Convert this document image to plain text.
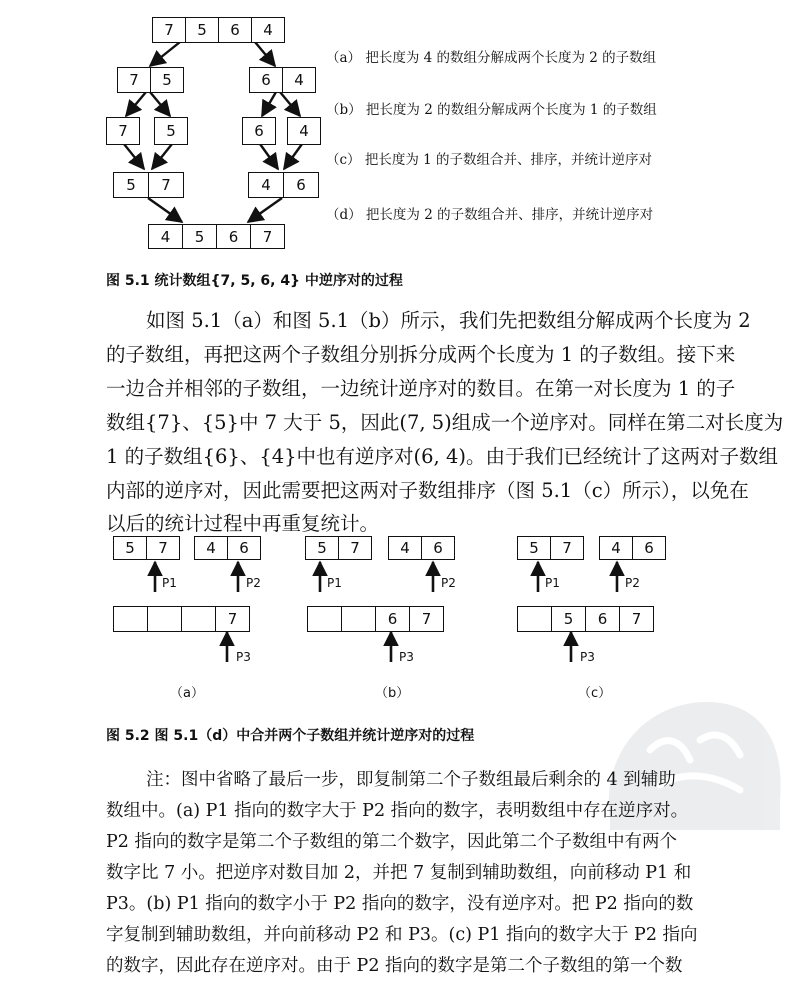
7	5	6	4
7	5	6	4
7	5	6	4
5	7	4	6
4	5	6	7
（a） 把长度为 4 的数组分解成两个长度为 2 的子数组
（b） 把长度为 2 的数组分解成两个长度为 1 的子数组
（c） 把长度为 1 的子数组合并、排序，并统计逆序对
（d） 把长度为 2 的子数组合并、排序，并统计逆序对
图 5.1 统计数组{7, 5, 6, 4} 中逆序对的过程
如图 5.1（a）和图 5.1（b）所示，我们先把数组分解成两个长度为 2
的子数组，再把这两个子数组分别拆分成两个长度为 1 的子数组。接下来
一边合并相邻的子数组，一边统计逆序对的数目。在第一对长度为 1 的子
数组{7}、{5}中 7 大于 5，因此(7, 5)组成一个逆序对。同样在第二对长度为
1 的子数组{6}、{4}中也有逆序对(6, 4)。由于我们已经统计了这两对子数组
内部的逆序对，因此需要把这两对子数组排序（图 5.1（c）所示），以免在
以后的统计过程中再重复统计。
5	7	4	6
7
P1	P2
P3
（a）
5	7	4	6
6	7
P1	P2
P3
（b）
5	7	4	6
5	6	7
P1	P2
P3
（c）
图 5.2 图 5.1（d）中合并两个子数组并统计逆序对的过程
注：图中省略了最后一步，即复制第二个子数组最后剩余的 4 到辅助
数组中。(a) P1 指向的数字大于 P2 指向的数字，表明数组中存在逆序对。
P2 指向的数字是第二个子数组的第二个数字，因此第二个子数组中有两个
数字比 7 小。把逆序对数目加 2，并把 7 复制到辅助数组，向前移动 P1 和
P3。(b) P1 指向的数字小于 P2 指向的数字，没有逆序对。把 P2 指向的数
字复制到辅助数组，并向前移动 P2 和 P3。(c) P1 指向的数字大于 P2 指向
的数字，因此存在逆序对。由于 P2 指向的数字是第二个子数组的第一个数
